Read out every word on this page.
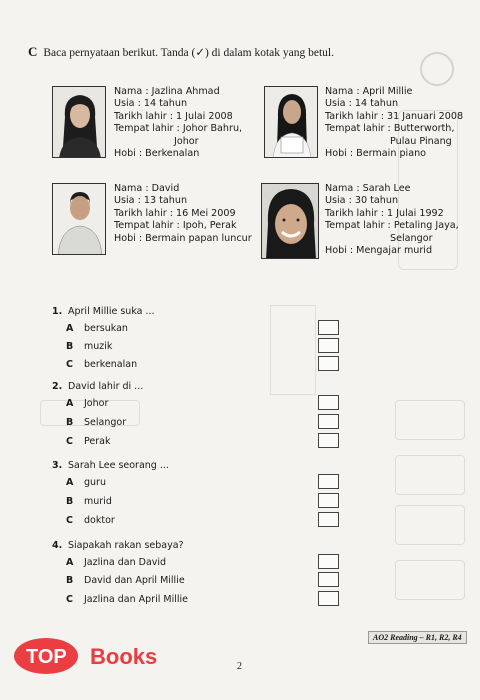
C Baca pernyataan berikut. Tanda (✓) di dalam kotak yang betul.
Nama : Jazlina Ahmad
Usia : 14 tahun
Tarikh lahir : 1 Julai 2008
Tempat lahir : Johor Bahru,
Johor
Hobi : Berkenalan
Nama : April Millie
Usia : 14 tahun
Tarikh lahir : 31 Januari 2008
Tempat lahir : Butterworth,
Pulau Pinang
Hobi : Bermain piano
Nama : David
Usia : 13 tahun
Tarikh lahir : 16 Mei 2009
Tempat lahir : Ipoh, Perak
Hobi : Bermain papan luncur
Nama : Sarah Lee
Usia : 30 tahun
Tarikh lahir : 1 Julai 1992
Tempat lahir : Petaling Jaya,
Selangor
Hobi : Mengajar murid
1. April Millie suka ...
A bersukan
B muzik
C berkenalan
2. David lahir di ...
A Johor
B Selangor
C Perak
3. Sarah Lee seorang ...
A guru
B murid
C doktor
4. Siapakah rakan sebaya?
A Jazlina dan David
B David dan April Millie
C Jazlina dan April Millie
AO2 Reading – R1, R2, R4
2
TOP Books
